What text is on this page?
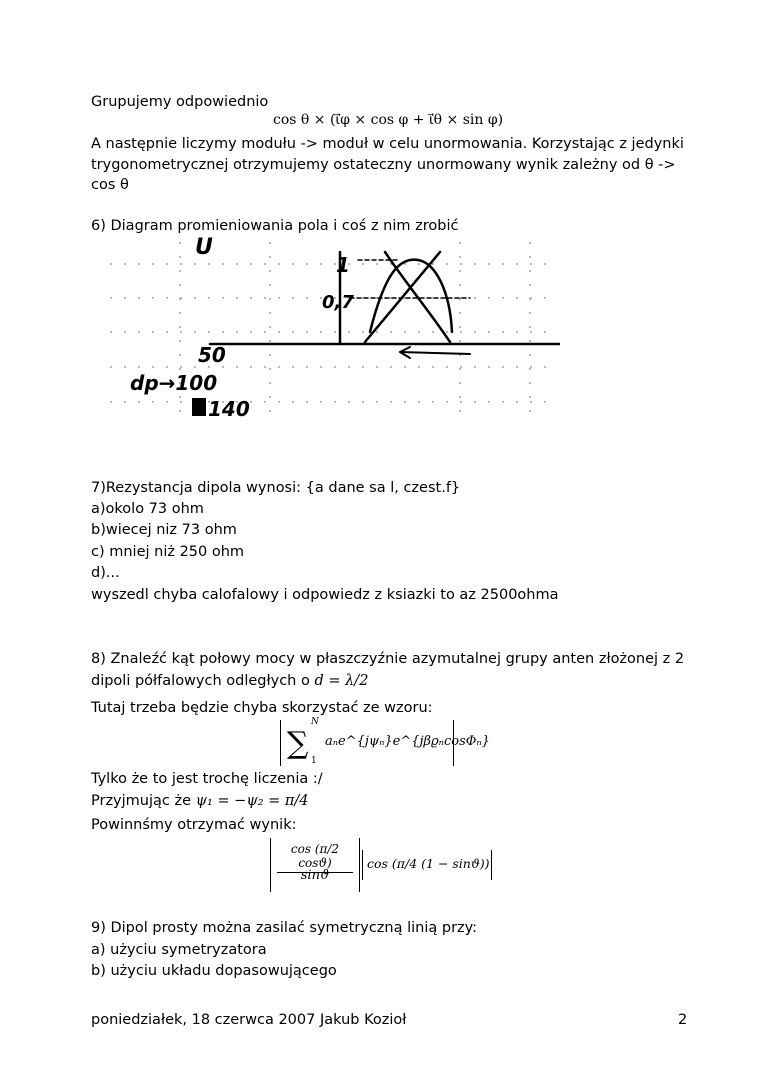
Grupujemy odpowiednio
cos θ × (ι⃗φ × cos φ + ι⃗θ × sin φ)
A następnie liczymy modułu -> moduł w celu unormowania. Korzystając z jedynki
trygonometrycznej otrzymujemy ostateczny unormowany wynik zależny od θ ->
cos θ
6) Diagram promieniowania pola i coś z nim zrobić
U
1
0,7
50
dp→100
140
7)Rezystancja dipola wynosi: {a dane sa l, czest.f}
a)okolo 73 ohm
b)wiecej niz 73 ohm
c) mniej niż 250 ohm
d)...
wyszedl chyba calofalowy i odpowiedz z ksiazki to az 2500ohma
8) Znaleźć kąt połowy mocy w płaszczyźnie azymutalnej grupy anten złożonej z 2
dipoli półfalowych odległych o d = λ/2
Tutaj trzeba będzie chyba skorzystać ze wzoru:
N
∑ 1
aₙe^{jψₙ}e^{jβϱₙcosΦₙ}
Tylko że to jest trochę liczenia :/
Przyjmując że ψ₁ = −ψ₂ = π/4
Powinnśmy otrzymać wynik:
cos (π/2 cosϑ)
sinϑ
cos (π/4 (1 − sinϑ))
9) Dipol prosty można zasilać symetryczną linią przy:
a) użyciu symetryzatora
b) użyciu układu dopasowującego
poniedziałek, 18 czerwca 2007 Jakub Kozioł	2
